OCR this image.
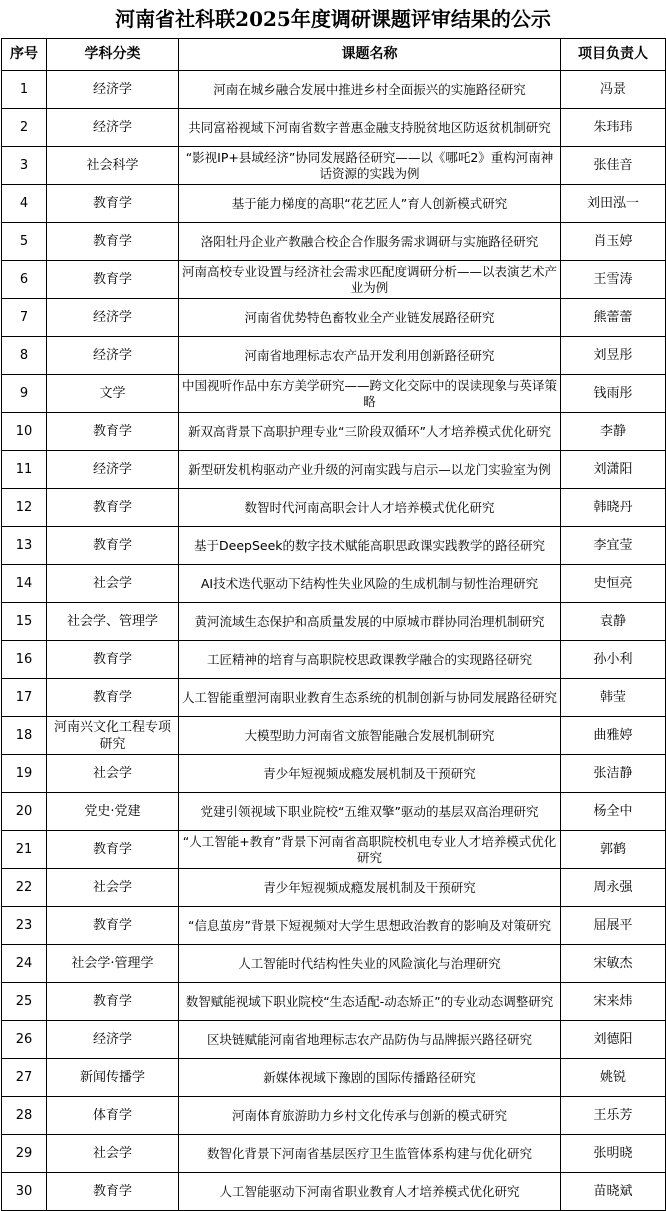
河南省社科联2025年度调研课题评审结果的公示
序号	学科分类	课题名称	项目负责人
1	经济学	河南在城乡融合发展中推进乡村全面振兴的实施路径研究	冯景
2	经济学	共同富裕视域下河南省数字普惠金融支持脱贫地区防返贫机制研究	朱玮玮
3	社会科学	“影视IP+县域经济”协同发展路径研究——以《哪吒2》重构河南神话资源的实践为例	张佳音
4	教育学	基于能力梯度的高职“花艺匠人”育人创新模式研究	刘田泓一
5	教育学	洛阳牡丹企业产教融合校企合作服务需求调研与实施路径研究	肖玉婷
6	教育学	河南高校专业设置与经济社会需求匹配度调研分析——以表演艺术产业为例	王雪涛
7	经济学	河南省优势特色畜牧业全产业链发展路径研究	熊蕾蕾
8	经济学	河南省地理标志农产品开发利用创新路径研究	刘昱彤
9	文学	中国视听作品中东方美学研究——跨文化交际中的误读现象与英译策略	钱雨彤
10	教育学	新双高背景下高职护理专业“三阶段双循环”人才培养模式优化研究	李静
11	经济学	新型研发机构驱动产业升级的河南实践与启示—以龙门实验室为例	刘潇阳
12	教育学	数智时代河南高职会计人才培养模式优化研究	韩晓丹
13	教育学	基于DeepSeek的数字技术赋能高职思政课实践教学的路径研究	李宜莹
14	社会学	AI技术迭代驱动下结构性失业风险的生成机制与韧性治理研究	史恒亮
15	社会学、管理学	黄河流域生态保护和高质量发展的中原城市群协同治理机制研究	袁静
16	教育学	工匠精神的培育与高职院校思政课教学融合的实现路径研究	孙小利
17	教育学	人工智能重塑河南职业教育生态系统的机制创新与协同发展路径研究	韩莹
18	河南兴文化工程专项研究	大模型助力河南省文旅智能融合发展机制研究	曲雅婷
19	社会学	青少年短视频成瘾发展机制及干预研究	张洁静
20	党史·党建	党建引领视域下职业院校“五维双擎”驱动的基层双高治理研究	杨全中
21	教育学	“人工智能+教育”背景下河南省高职院校机电专业人才培养模式优化研究	郭鹤
22	社会学	青少年短视频成瘾发展机制及干预研究	周永强
23	教育学	“信息茧房”背景下短视频对大学生思想政治教育的影响及对策研究	屈展平
24	社会学·管理学	人工智能时代结构性失业的风险演化与治理研究	宋敏杰
25	教育学	数智赋能视域下职业院校“生态适配-动态矫正”的专业动态调整研究	宋来炜
26	经济学	区块链赋能河南省地理标志农产品防伪与品牌振兴路径研究	刘德阳
27	新闻传播学	新媒体视域下豫剧的国际传播路径研究	姚锐
28	体育学	河南体育旅游助力乡村文化传承与创新的模式研究	王乐芳
29	社会学	数智化背景下河南省基层医疗卫生监管体系构建与优化研究	张明晓
30	教育学	人工智能驱动下河南省职业教育人才培养模式优化研究	苗晓斌
